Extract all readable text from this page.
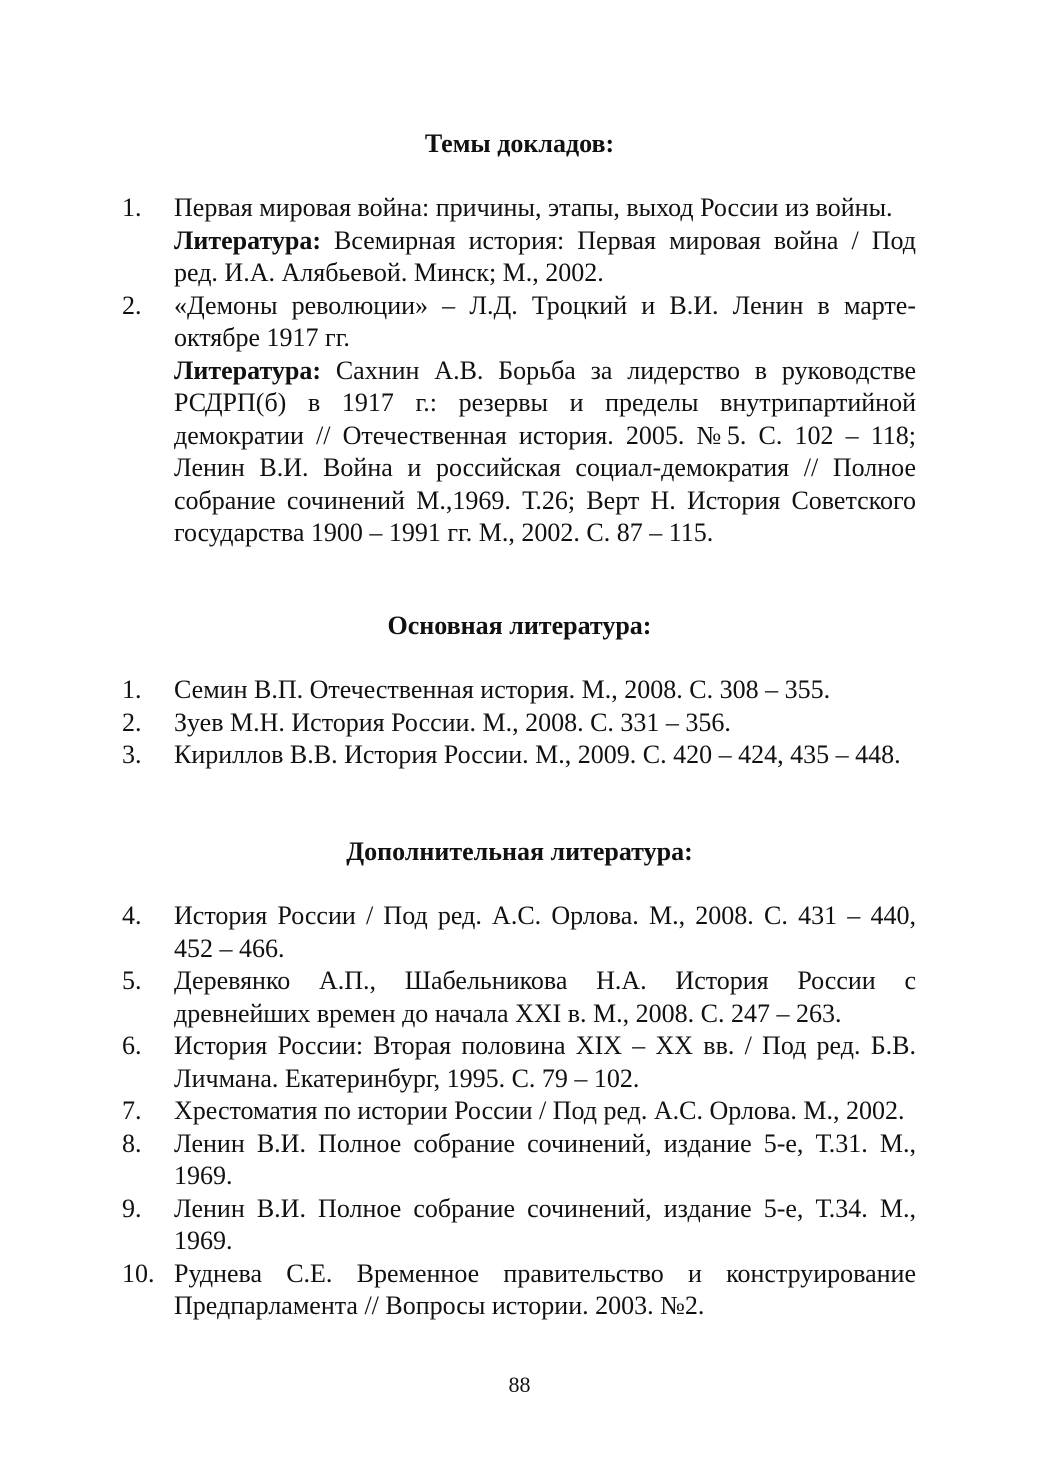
Темы докладов:
1.	Первая мировая война: причины, этапы, выход России из войны.
Литература: Всемирная история: Первая мировая война / Под ред. И.А. Алябьевой. Минск; М., 2002.
2.	«Демоны революции» – Л.Д. Троцкий и В.И. Ленин в марте-октябре 1917 гг.
Литература: Сахнин А.В. Борьба за лидерство в руководстве РСДРП(б) в 1917 г.: резервы и пределы внутрипартийной демократии // Отечественная история. 2005. №5. С. 102 – 118; Ленин В.И. Война и российская социал-демократия // Полное собрание сочинений М.,1969. Т.26; Верт Н. История Советского государства 1900 – 1991 гг. М., 2002. С. 87 – 115.
Основная литература:
1.	Семин В.П. Отечественная история. М., 2008. С. 308 – 355.
2.	Зуев М.Н. История России. М., 2008. С. 331 – 356.
3.	Кириллов В.В. История России. М., 2009. С. 420 – 424, 435 – 448.
Дополнительная литература:
4.	История России / Под ред. А.С. Орлова. М., 2008. С. 431 – 440, 452 – 466.
5.	Деревянко А.П., Шабельникова Н.А. История России с древнейших времен до начала XXI в. М., 2008. С. 247 – 263.
6.	История России: Вторая половина XIX – XX вв. / Под ред. Б.В. Личмана. Екатеринбург, 1995. С. 79 – 102.
7.	Хрестоматия по истории России / Под ред. А.С. Орлова. М., 2002.
8.	Ленин В.И. Полное собрание сочинений, издание 5-е, Т.31. М., 1969.
9.	Ленин В.И. Полное собрание сочинений, издание 5-е, Т.34. М., 1969.
10. Руднева С.Е. Временное правительство и конструирование Предпарламента // Вопросы истории. 2003. №2.
88
